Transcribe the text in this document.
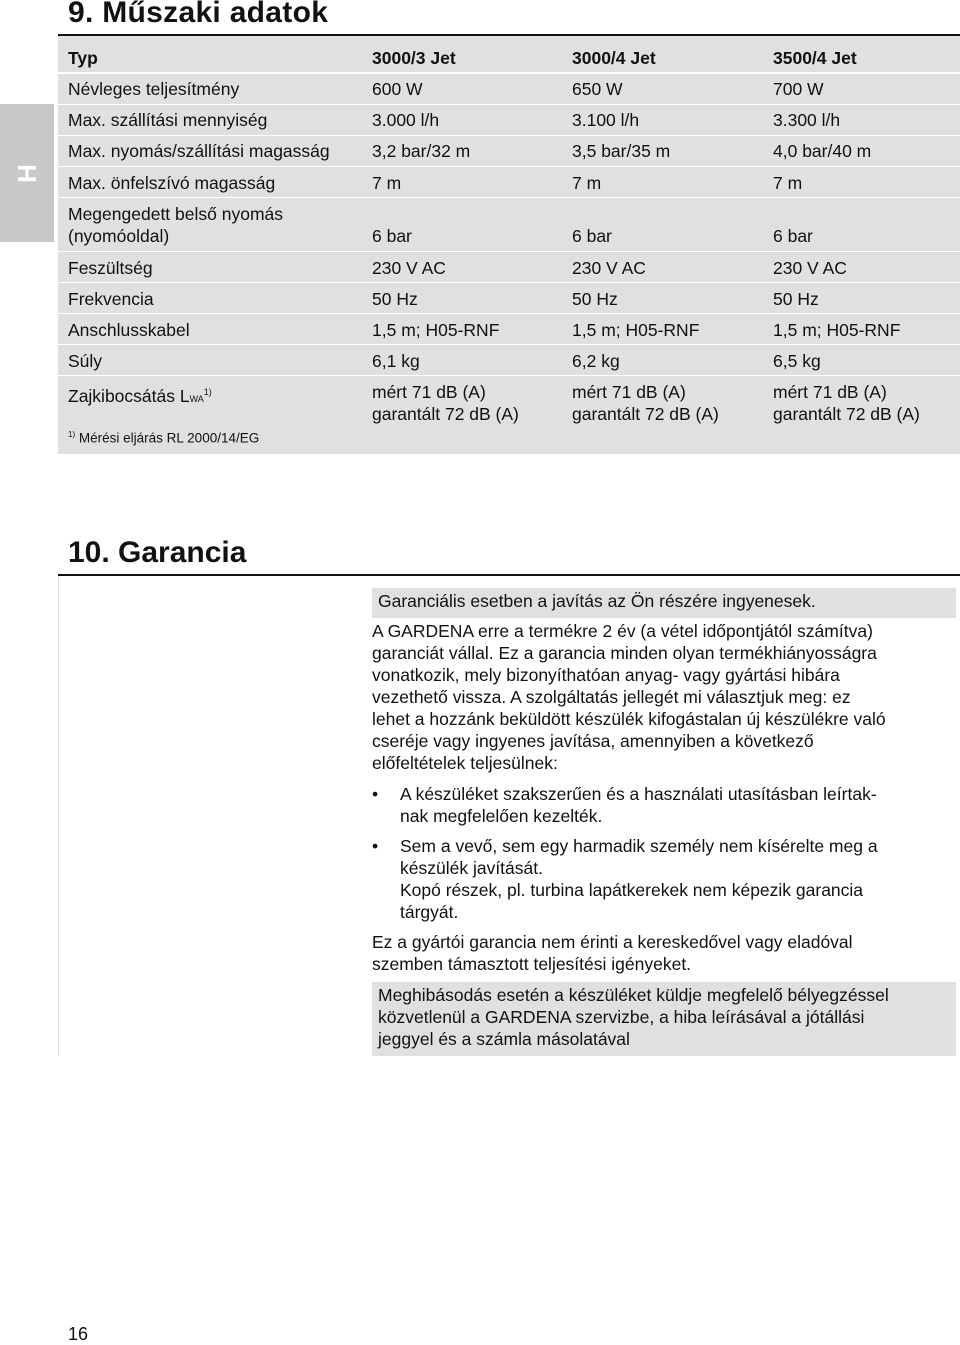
H
9. Műszaki adatok
Typ	3000/3 Jet	3000/4 Jet	3500/4 Jet
Névleges teljesítmény	600 W	650 W	700 W
Max. szállítási mennyiség	3.000 l/h	3.100 l/h	3.300 l/h
Max. nyomás/szállítási magasság 3,2 bar/32 m	3,5 bar/35 m	4,0 bar/40 m
Max. önfelszívó magasság	7 m	7 m	7 m
Megengedett belső nyomás
(nyomóoldal)	6 bar	6 bar	6 bar
Feszültség	230 V AC	230 V AC	230 V AC
Frekvencia	50 Hz	50 Hz	50 Hz
Anschlusskabel	1,5 m; H05-RNF	1,5 m; H05-RNF	1,5 m; H05-RNF
Súly	6,1 kg	6,2 kg	6,5 kg
Zajkibocsátás LWA$^{1)}$	mért 71 dB (A)	mért 71 dB (A)	mért 71 dB (A)
garantált 72 dB (A)	garantált 72 dB (A)	garantált 72 dB (A)
$^{1)}$ Mérési eljárás RL 2000/14/EG
10. Garancia
Garanciális esetben a javítás az Ön részére ingyenesek.
A GARDENA erre a termékre 2 év (a vétel időpontjától számítva)
garanciát vállal. Ez a garancia minden olyan termékhiányosságra
vonatkozik, mely bizonyíthatóan anyag- vagy gyártási hibára
vezethető vissza. A szolgáltatás jellegét mi választjuk meg: ez
lehet a hozzánk beküldött készülék kifogástalan új készülékre való
cseréje vagy ingyenes javítása, amennyiben a következő
előfeltételek teljesülnek:
• A készüléket szakszerűen és a használati utasításban leírtak-
nak megfelelően kezelték.
• Sem a vevő, sem egy harmadik személy nem kísérelte meg a
készülék javítását.
Kopó részek, pl. turbina lapátkerekek nem képezik garancia
tárgyát.
Ez a gyártói garancia nem érinti a kereskedővel vagy eladóval
szemben támasztott teljesítési igényeket.
Meghibásodás esetén a készüléket küldje megfelelő bélyegzéssel
közvetlenül a GARDENA szervizbe, a hiba leírásával a jótállási
jeggyel és a számla másolatával
16
